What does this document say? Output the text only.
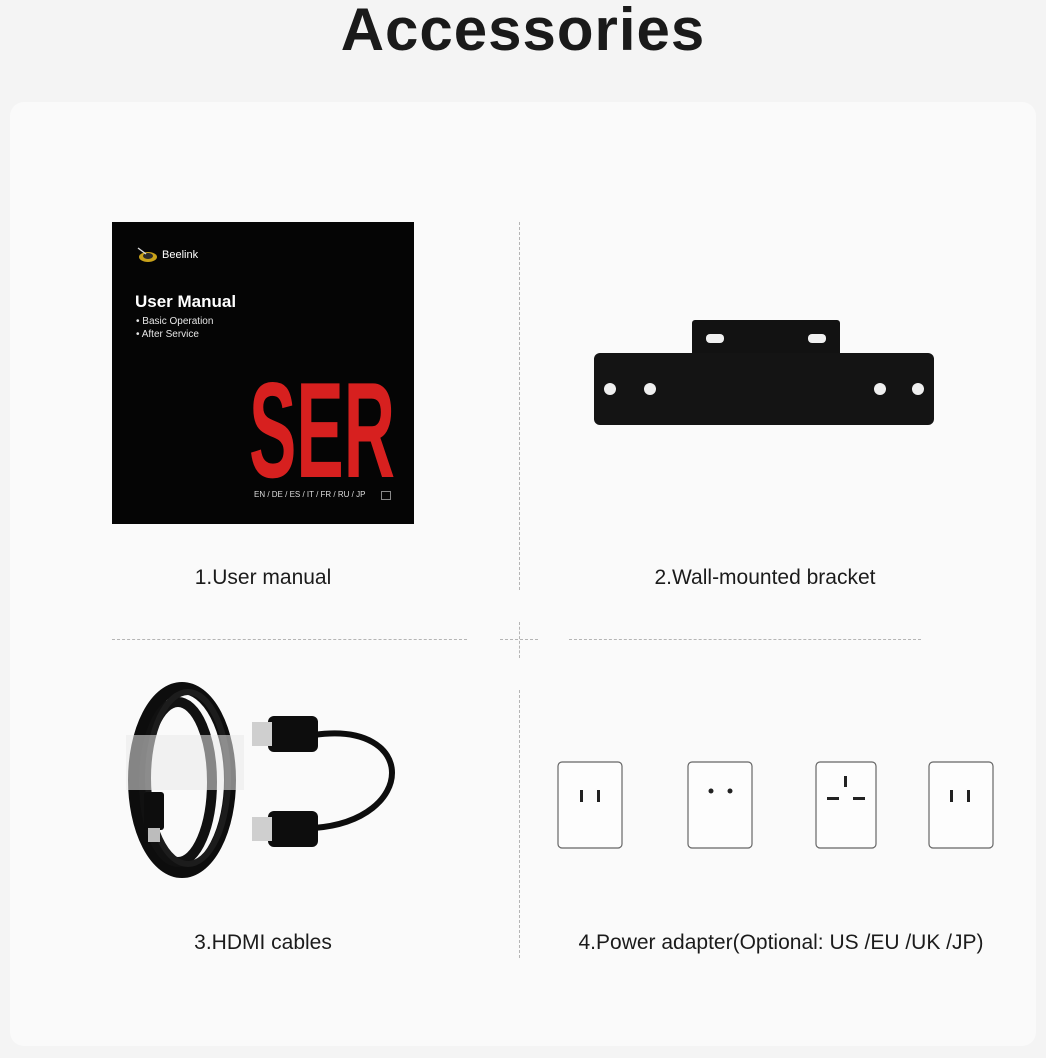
Accessories
Beelink
User Manual
• Basic Operation
• After Service
SER
EN / DE / ES / IT / FR / RU / JP
1.User manual	2.Wall-mounted bracket
3.HDMI cables	4.Power adapter(Optional: US /EU /UK /JP)
